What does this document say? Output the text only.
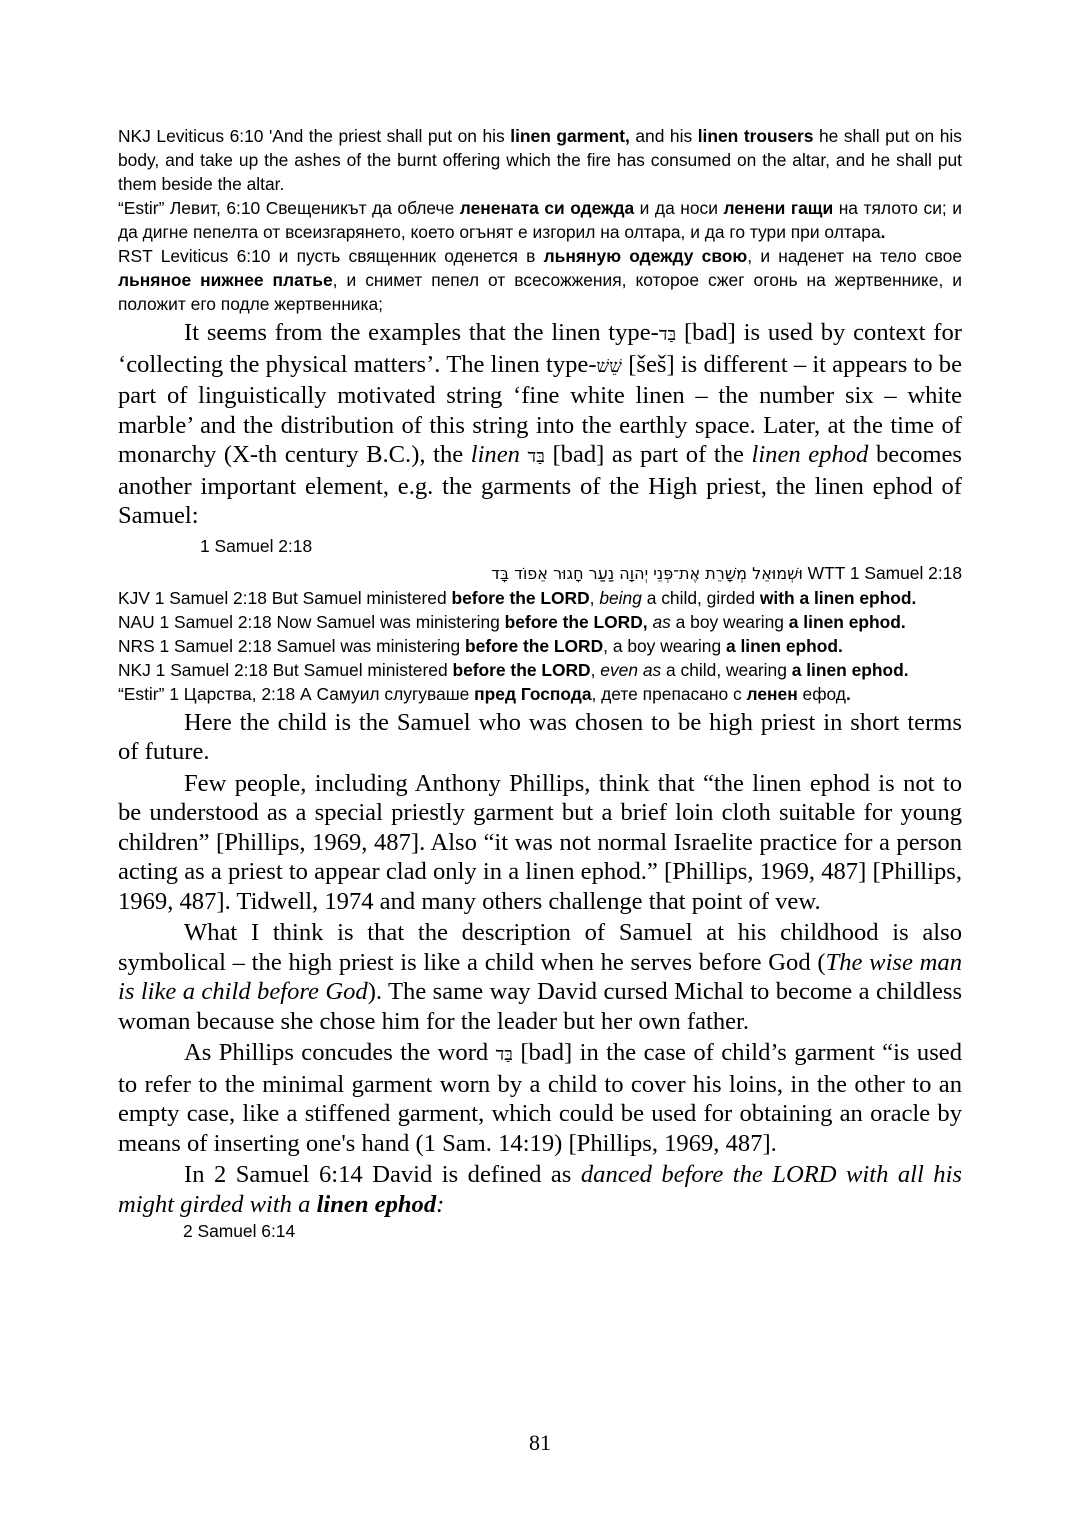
NKJ Leviticus 6:10 'And the priest shall put on his linen garment, and his linen trousers he shall put on his body, and take up the ashes of the burnt offering which the fire has consumed on the altar, and he shall put them beside the altar.

“Estir” Левит, 6:10 Свещеникът да облече ленената си одежда и да носи ленени гащи на тялото си; и да дигне пепелта от всеизгарянето, което огънят е изгорил на олтара, и да го тури при олтара.

RST Leviticus 6:10 и пусть священник оденется в льняную одежду свою, и наденет на тело свое льняное нижнее платье, и снимет пепел от всесожжения, которое сжег огонь на жертвеннике, и положит его подле жертвенника;

It seems from the examples that the linen type-בַּד [bad] is used by context for ‘collecting the physical matters’. The linen type-שֵׁשׁ [šeš] is different – it appears to be part of linguistically motivated string ‘fine white linen – the number six – white marble’ and the distribution of this string into the earthly space. Later, at the time of monarchy (X-th century B.C.), the linen בַּד [bad] as part of the linen ephod becomes another important element, e.g. the garments of the High priest, the linen ephod of Samuel:

1 Samuel 2:18

וּשְׁמוּאֵל מְשָׁרֵת אֶת־פְּנֵי יְהוָה נַעַר חָגוּר אֵפוֹד בָּד WTT 1 Samuel 2:18

KJV 1 Samuel 2:18 But Samuel ministered before the LORD, being a child, girded with a linen ephod.

NAU 1 Samuel 2:18 Now Samuel was ministering before the LORD, as a boy wearing a linen ephod.

NRS 1 Samuel 2:18 Samuel was ministering before the LORD, a boy wearing a linen ephod.

NKJ 1 Samuel 2:18 But Samuel ministered before the LORD, even as a child, wearing a linen ephod.

“Estir” 1 Царства, 2:18 А Самуил слугуваше пред Господа, дете препасано с ленен ефод.

Here the child is the Samuel who was chosen to be high priest in short terms of future.

Few people, including Anthony Phillips, think that “the linen ephod is not to be understood as a special priestly garment but a brief loin cloth suitable for young children” [Phillips, 1969, 487]. Also “it was not normal Israelite practice for a person acting as a priest to appear clad only in a linen ephod.” [Phillips, 1969, 487] [Phillips, 1969, 487]. Tidwell, 1974 and many others challenge that point of vew.

What I think is that the description of Samuel at his childhood is also symbolical – the high priest is like a child when he serves before God (The wise man is like a child before God). The same way David cursed Michal to become a childless woman because she chose him for the leader but her own father.

As Phillips concudes the word בַּד [bad] in the case of child’s garment “is used to refer to the minimal garment worn by a child to cover his loins, in the other to an empty case, like a stiffened garment, which could be used for obtaining an oracle by means of inserting one's hand (1 Sam. 14:19) [Phillips, 1969, 487].

In 2 Samuel 6:14 David is defined as danced before the LORD with all his might girded with a linen ephod:

2 Samuel 6:14

81
